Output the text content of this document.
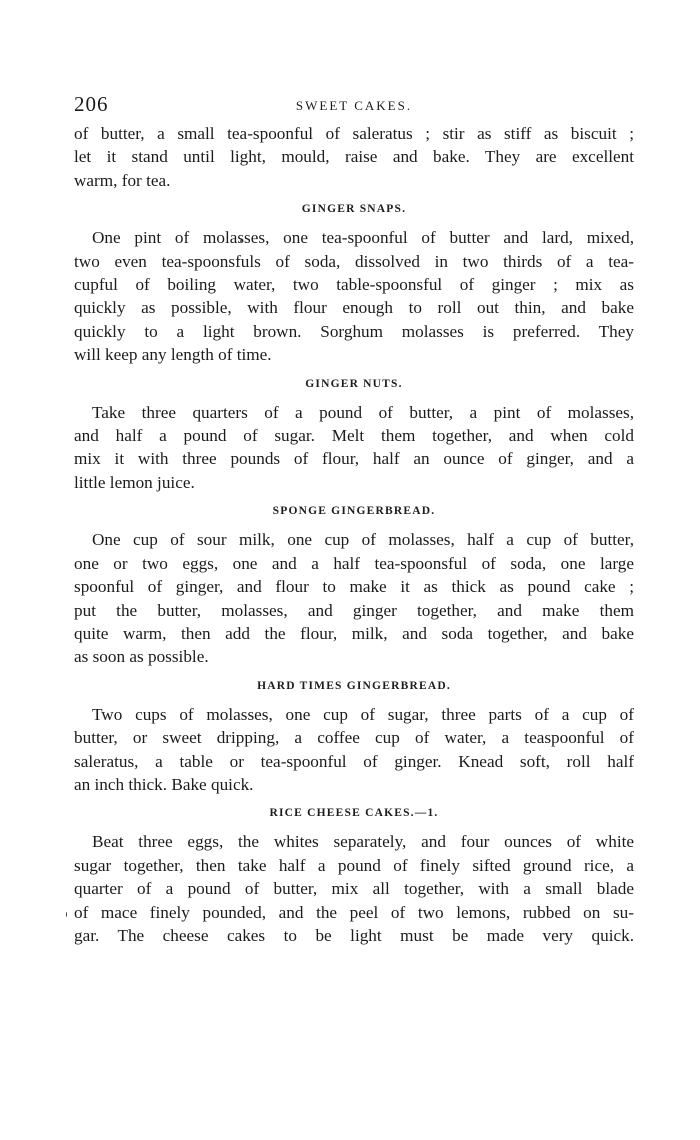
206	SWEET CAKES.

of butter, a small tea-spoonful of saleratus ; stir as stiff as biscuit ;
let it stand until light, mould, raise and bake. They are excellent
warm, for tea.

GINGER SNAPS.

One pint of molasses, one tea-spoonful of butter and lard, mixed,
two even tea-spoonsfuls of soda, dissolved in two thirds of a tea-
cupful of boiling water, two table-spoonsful of ginger ; mix as
quickly as possible, with flour enough to roll out thin, and bake
quickly to a light brown. Sorghum molasses is preferred. They
will keep any length of time.

GINGER NUTS.

Take three quarters of a pound of butter, a pint of molasses,
and half a pound of sugar. Melt them together, and when cold
mix it with three pounds of flour, half an ounce of ginger, and a
little lemon juice.

SPONGE GINGERBREAD.

One cup of sour milk, one cup of molasses, half a cup of butter,
one or two eggs, one and a half tea-spoonsful of soda, one large
spoonful of ginger, and flour to make it as thick as pound cake ;
put the butter, molasses, and ginger together, and make them
quite warm, then add the flour, milk, and soda together, and bake
as soon as possible.

HARD TIMES GINGERBREAD.

Two cups of molasses, one cup of sugar, three parts of a cup of
butter, or sweet dripping, a coffee cup of water, a teaspoonful of
saleratus, a table or tea-spoonful of ginger. Knead soft, roll half
an inch thick. Bake quick.

RICE CHEESE CAKES.—1.

Beat three eggs, the whites separately, and four ounces of white
sugar together, then take half a pound of finely sifted ground rice, a
quarter of a pound of butter, mix all together, with a small blade
of mace finely pounded, and the peel of two lemons, rubbed on su-
gar. The cheese cakes to be light must be made very quick.
